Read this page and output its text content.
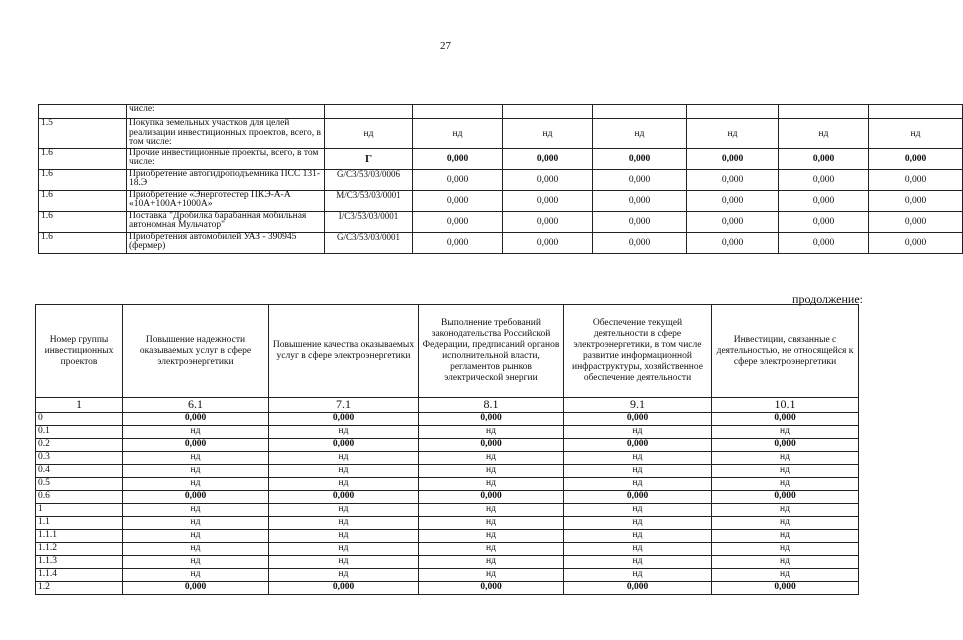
27
	числе:							
1.5	Покупка земельных участков для целей реализации инвестиционных проектов, всего, в том числе:	нд	нд	нд	нд	нд	нд	нд
1.6	Прочие инвестиционные проекты, всего, в том числе:	Г	0,000	0,000	0,000	0,000	0,000	0,000
1.6	Приобретение автогидроподъемника ПСС 131-18.Э	G/C3/53/03/0006	0,000	0,000	0,000	0,000	0,000	0,000
1.6	Приобретение «Энерготестер ПКЭ-А-А «10А+100А+1000А»	M/C3/53/03/0001	0,000	0,000	0,000	0,000	0,000	0,000
1.6	Поставка "Дробилка барабанная мобильная автономная Мульчатор"	I/C3/53/03/0001	0,000	0,000	0,000	0,000	0,000	0,000
1.6	Приобретения автомобилей УАЗ - 390945 (фермер)	G/C3/53/03/0001	0,000	0,000	0,000	0,000	0,000	0,000
продолжение:
Номер группы инвестиционных проектов	Повышение надежности оказываемых услуг в сфере электроэнергетики	Повышение качества оказываемых услуг в сфере электроэнергетики	Выполнение требований законодательства Российской Федерации, предписаний органов исполнительной власти, регламентов рынков электрической энергии	Обеспечение текущей деятельности в сфере электроэнергетики, в том числе развитие информационной инфраструктуры, хозяйственное обеспечение деятельности	Инвестиции, связанные с деятельностью, не относящейся к сфере электроэнергетики
1	6.1	7.1	8.1	9.1	10.1
0	0,000	0,000	0,000	0,000	0,000
0.1	нд	нд	нд	нд	нд
0.2	0,000	0,000	0,000	0,000	0,000
0.3	нд	нд	нд	нд	нд
0.4	нд	нд	нд	нд	нд
0.5	нд	нд	нд	нд	нд
0.6	0,000	0,000	0,000	0,000	0,000
1	нд	нд	нд	нд	нд
1.1	нд	нд	нд	нд	нд
1.1.1	нд	нд	нд	нд	нд
1.1.2	нд	нд	нд	нд	нд
1.1.3	нд	нд	нд	нд	нд
1.1.4	нд	нд	нд	нд	нд
1.2	0,000	0,000	0,000	0,000	0,000
